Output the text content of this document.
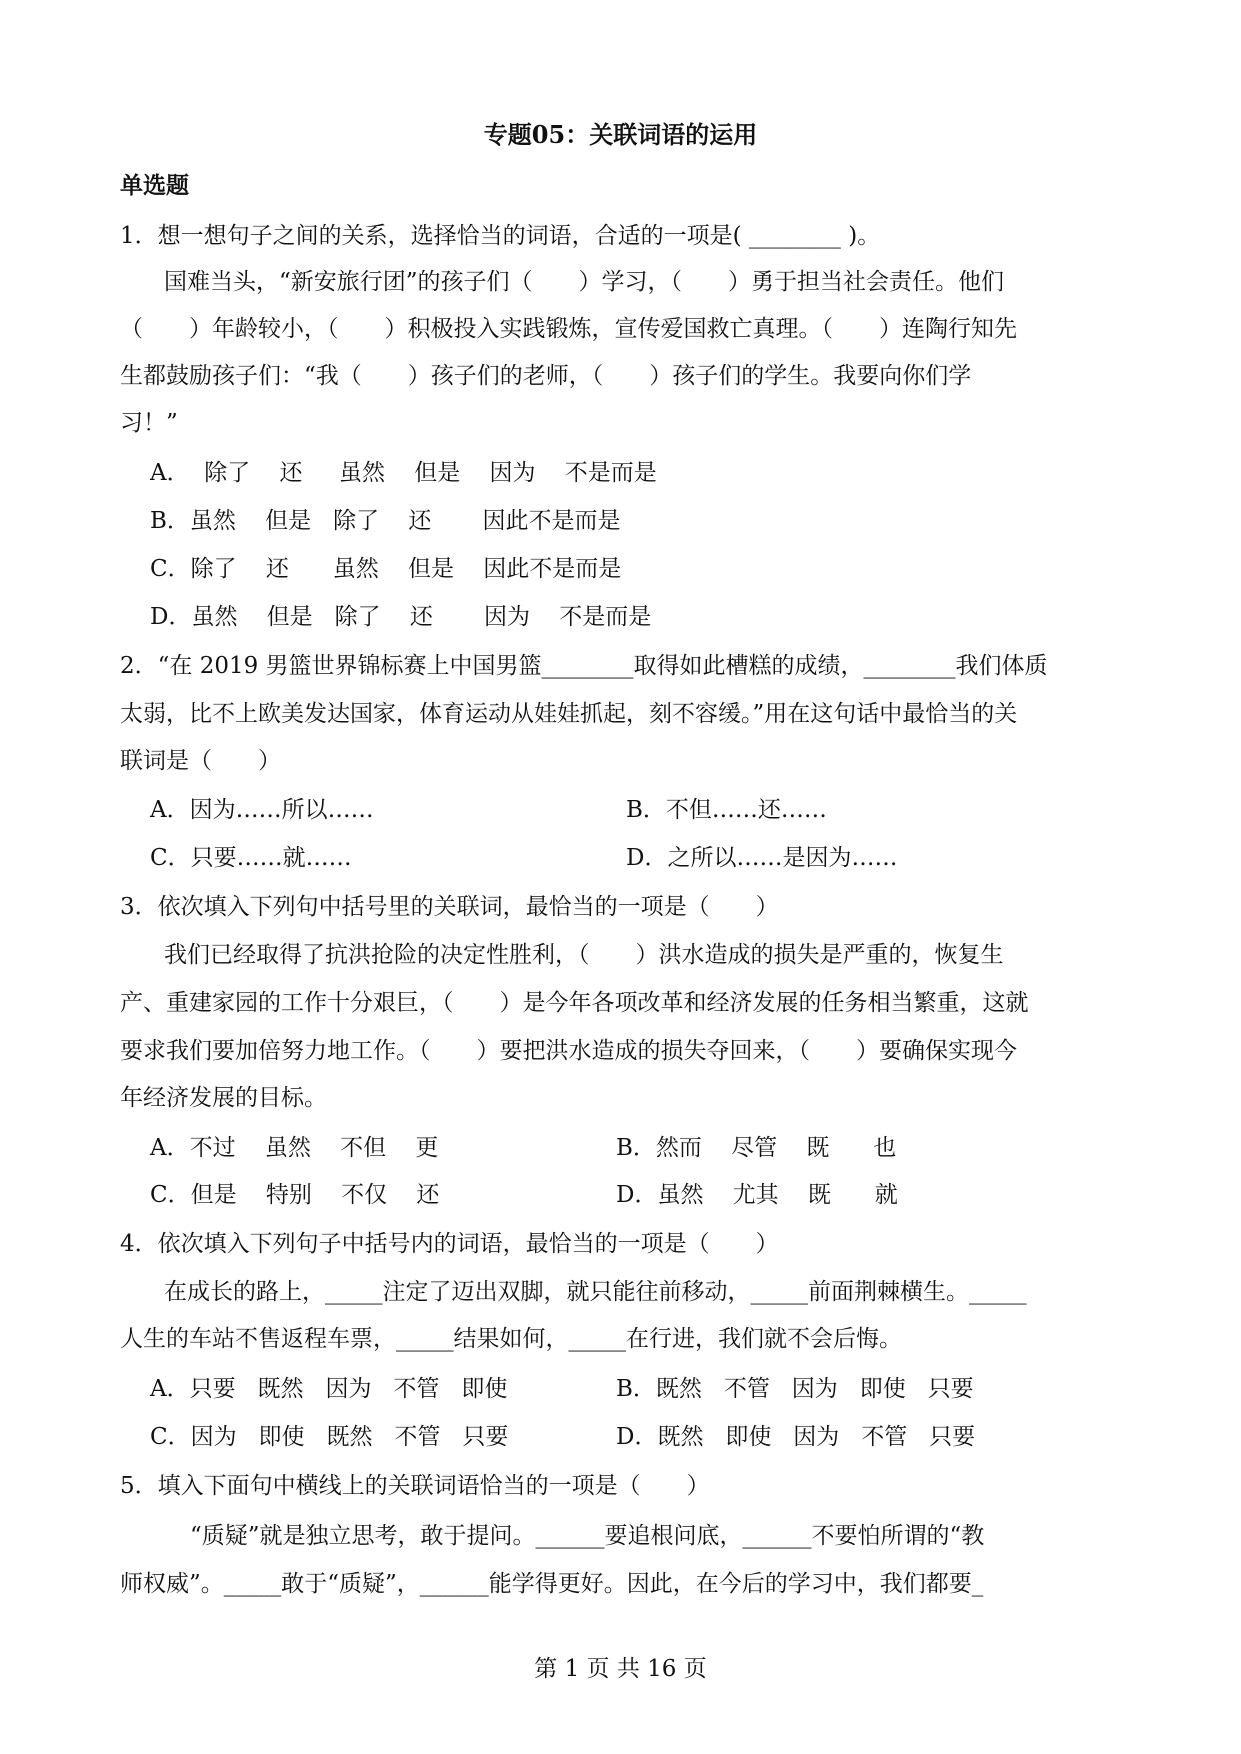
专题05：关联词语的运用
单选题
1．想一想句子之间的关系，选择恰当的词语，合适的一项是( ________ )。
国难当头，“新安旅行团”的孩子们（　　）学习，（　　）勇于担当社会责任。他们
（　　）年龄较小，（　　）积极投入实践锻炼，宣传爱国救亡真理。（　　）连陶行知先
生都鼓励孩子们：“我（　　）孩子们的老师，（　　）孩子们的学生。我要向你们学
习！”
A．  除了    还     虽然    但是    因为    不是而是
B．虽然    但是   除了    还       因此不是而是
C．除了    还      虽然    但是    因此不是而是
D．虽然    但是   除了    还       因为    不是而是
2．“在 2019 男篮世界锦标赛上中国男篮________取得如此槽糕的成绩，________我们体质
太弱，比不上欧美发达国家，体育运动从娃娃抓起，刻不容缓。”用在这句话中最恰当的关
联词是（　　）
A．因为……所以……	B．不但……还……
C．只要……就……	D．之所以……是因为……
3．依次填入下列句中括号里的关联词，最恰当的一项是（　　）
我们已经取得了抗洪抢险的决定性胜利，（　　）洪水造成的损失是严重的，恢复生
产、重建家园的工作十分艰巨，（　　）是今年各项改革和经济发展的任务相当繁重，这就
要求我们要加倍努力地工作。（　　）要把洪水造成的损失夺回来，（　　）要确保实现今
年经济发展的目标。
A．不过    虽然    不但    更	B．然而    尽管    既      也
C．但是    特别    不仅    还	D．虽然    尤其    既      就
4．依次填入下列句子中括号内的词语，最恰当的一项是（　　）
在成长的路上，_____注定了迈出双脚，就只能往前移动，_____前面荆棘横生。_____
人生的车站不售返程车票，_____结果如何，_____在行进，我们就不会后悔。
A．只要   既然   因为   不管   即使	B．既然   不管   因为   即使   只要
C．因为   即使   既然   不管   只要	D．既然   即使   因为   不管   只要
5．填入下面句中横线上的关联词语恰当的一项是（　　）
“质疑”就是独立思考，敢于提问。______要追根问底，______不要怕所谓的“教
师权威”。_____敢于“质疑”，______能学得更好。因此，在今后的学习中，我们都要_
第 1 页 共 16 页
